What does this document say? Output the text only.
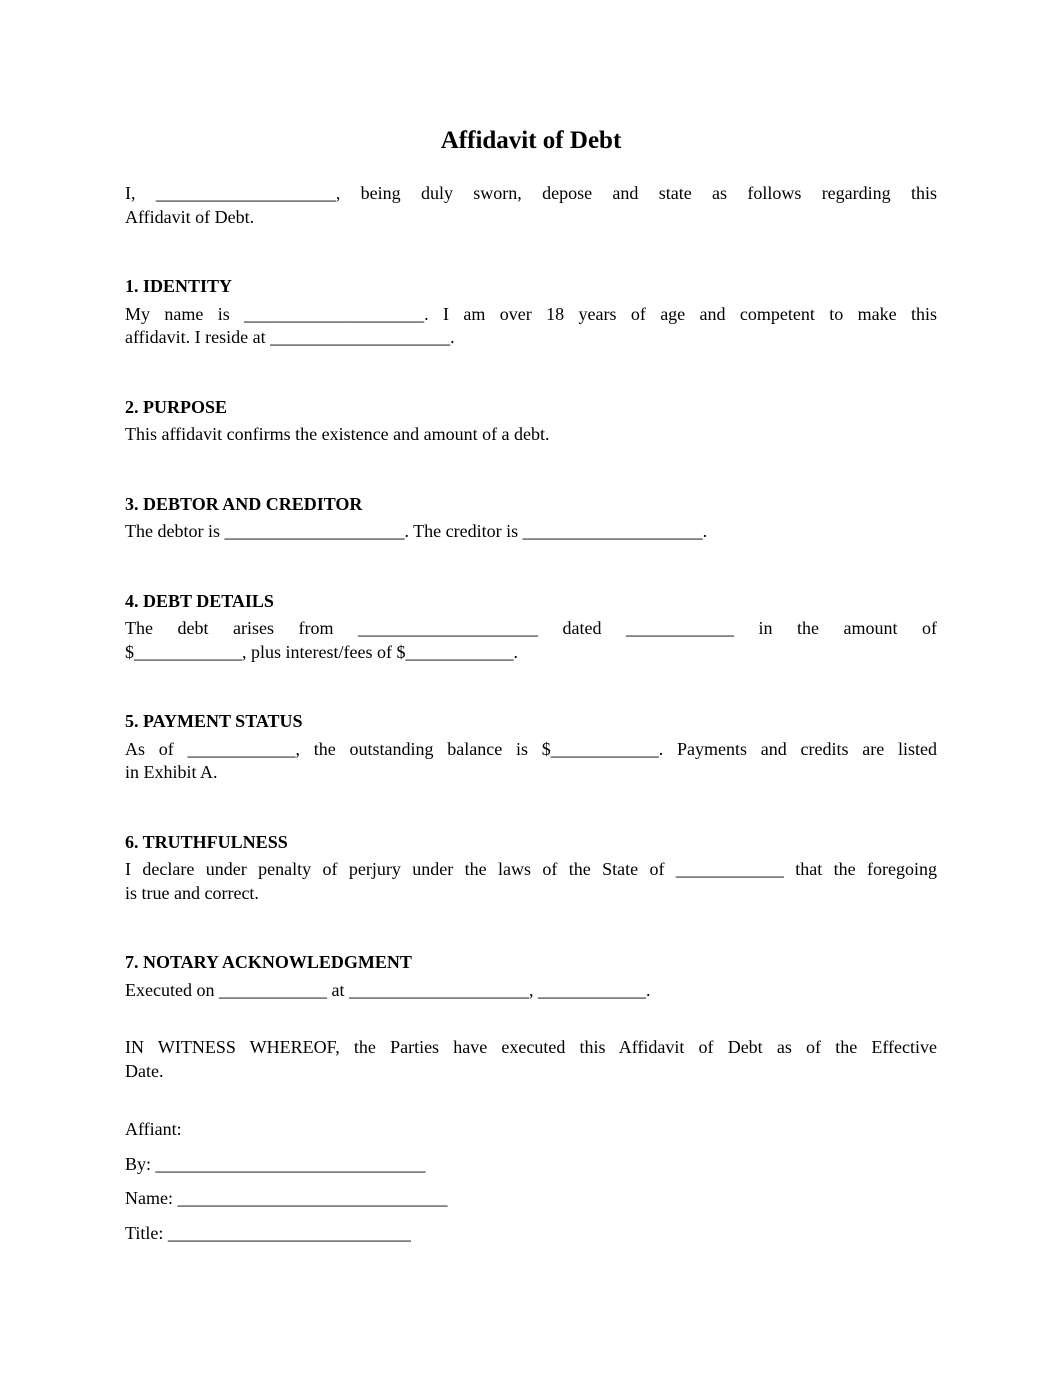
Affidavit of Debt
I, ____________________, being duly sworn, depose and state as follows regarding this
Affidavit of Debt.
1. IDENTITY
My name is ____________________. I am over 18 years of age and competent to make this
affidavit. I reside at ____________________.
2. PURPOSE
This affidavit confirms the existence and amount of a debt.
3. DEBTOR AND CREDITOR
The debtor is ____________________. The creditor is ____________________.
4. DEBT DETAILS
The debt arises from ____________________ dated ____________ in the amount of
$____________, plus interest/fees of $____________.
5. PAYMENT STATUS
As of ____________, the outstanding balance is $____________. Payments and credits are listed
in Exhibit A.
6. TRUTHFULNESS
I declare under penalty of perjury under the laws of the State of ____________ that the foregoing
is true and correct.
7. NOTARY ACKNOWLEDGMENT
Executed on ____________ at ____________________, ____________.
IN WITNESS WHEREOF, the Parties have executed this Affidavit of Debt as of the Effective
Date.
Affiant:
By: ______________________________
Name: ______________________________
Title: ___________________________
